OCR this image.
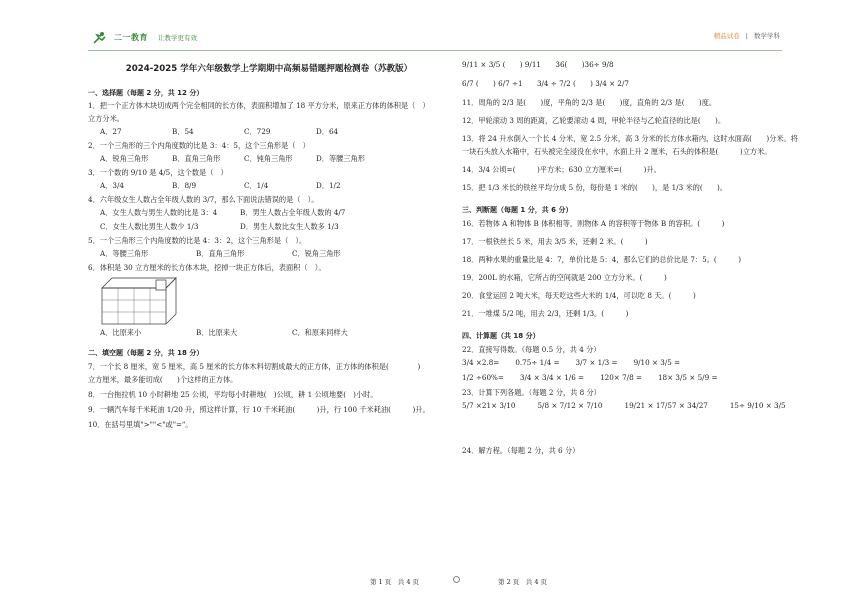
二一教育 让教学更有效	精品试卷 | 数学学科
2024-2025 学年六年级数学上学期期中高频易错题押题检测卷（苏教版）
一、选择题（每题 2 分，共 12 分）
1．把一个正方体木块切成两个完全相同的长方体，表面积增加了 18 平方分米，原来正方体的体积是（　）
立方分米。
A．27	B．54	C．729	D．64
2．一个三角形的三个内角度数的比是 3：4：5，这个三角形是（　）
A．锐角三角形	B．直角三角形	C．钝角三角形	D．等腰三角形
3．一个数的 9/10 是 4/5，这个数是（　）
A．3/4	B．8/9	C．1/4	D．1/2
4．六年级女生人数占全年级人数的 3/7，那么下面说法错误的是（　）。
A．女生人数与男生人数的比是 3：4	B．男生人数占全年级人数的 4/7
C．女生人数比男生人数少 1/3	D．男生人数比女生人数多 1/3
5．一个三角形三个内角度数的比是 4：3：2，这个三角形是（　）。
A．等腰三角形	B．直角三角形	C．锐角三角形
6．体积是 30 立方厘米的长方体木块，挖掉一块正方体后，表面积（　）。
A．比原来小	B．比原来大	C．和原来同样大
二、填空题（每题 2 分，共 18 分）
7．一个长 8 厘米，宽 5 厘米，高 5 厘米的长方体木料切割成最大的正方体，正方体的体积是(　　　　)
立方厘米，最多能切成(　　)个这样的正方体。
8．一台拖拉机 10 小时耕地 25 公顷，平均每小时耕地(　)公顷，耕 1 公顷地要(　)小时。
9．一辆汽车每千米耗油 1/20 升，照这样计算，行 10 千米耗油(　　　)升，行 100 千米耗油(　　　)升。
10．在括号里填">""<"或"="。
9/11 × 3/5 (　　) 9/11　　36(　　)36÷ 9/8
6/7 (　　) 6/7 ÷1　　3/4 ÷ 7/2 (　　) 3/4 × 2/7
11．周角的 2/3 是(　　)度，平角的 2/3 是(　　)度，直角的 2/3 是(　　)度。
12．甲轮滚动 3 周的距离，乙轮要滚动 4 周，甲轮半径与乙轮直径的比是(　　)。
13．将 24 升水倒入一个长 4 分米，宽 2.5 分米，高 3 分米的长方体水箱内，这时水面高(　　)分米。将
一块石头放入水箱中，石头被完全浸没在水中，水面上升 2 厘米，石头的体积是(　　　)立方米。
14．3/4 公顷=(　　　)平方米；630 立方厘米=(　　　)升。
15．把 1/3 米长的铁丝平均分成 5 份，每份是 1 米的(　　)，是 1/3 米的(　　)。
三、判断题（每题 1 分，共 6 分）
16．若物体 A 和物体 B 体积相等，则物体 A 的容积等于物体 B 的容积。(　　　)
17．一根铁丝长 5 米，用去 3/5 米，还剩 2 米。(　　　)
18．两种水果的重量比是 4：7，单价比是 5：4，那么它们的总价比是 7：5。(　　　)
19．200L 的水箱，它所占的空间就是 200 立方分米。(　　　)
20．食堂运回 2 吨大米，每天吃这些大米的 1/4，可以吃 8 天。(　　　)
21．一堆煤 5/2 吨，用去 2/3，还剩 1/3。(　　　)
四、计算题（共 18 分）
22．直接写得数。（每题 0.5 分，共 4 分）
3/4 ×2.8= 0.75÷ 1/4 = 3/7 × 1/3 = 9/10 × 3/5 =
1/2 ÷60%= 3/4 × 3/4 × 1/6 = 120× 7/8 = 18× 3/5 × 5/9 =
23．计算下列各题。（每题 2 分，共 8 分）
5/7 ×21× 3/10	5/8 × 7/12 × 7/10	19/21 × 17/57 × 34/27	15÷ 9/10 × 3/5
24．解方程。（每题 2 分，共 6 分）
第 1 页　共 4 页	第 2 页　共 4 页
